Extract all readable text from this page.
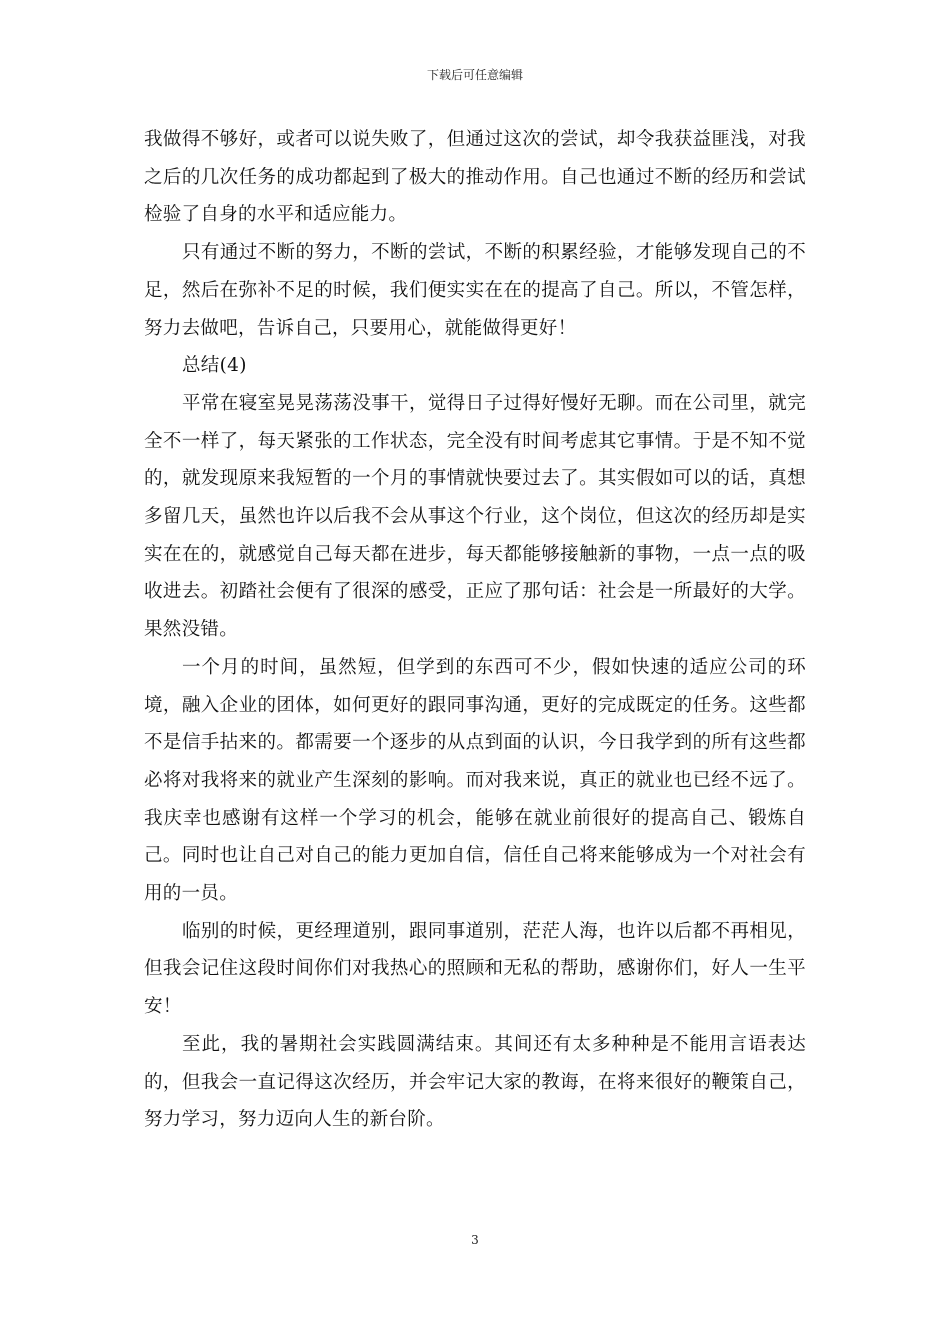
下载后可任意编辑

我做得不够好，或者可以说失败了，但通过这次的尝试，却令我获益匪浅，对我之后的几次任务的成功都起到了极大的推动作用。自己也通过不断的经历和尝试检验了自身的水平和适应能力。

只有通过不断的努力，不断的尝试，不断的积累经验，才能够发现自己的不足，然后在弥补不足的时候，我们便实实在在的提高了自己。所以，不管怎样，努力去做吧，告诉自己，只要用心，就能做得更好！

总结(4)

平常在寝室晃晃荡荡没事干，觉得日子过得好慢好无聊。而在公司里，就完全不一样了，每天紧张的工作状态，完全没有时间考虑其它事情。于是不知不觉的，就发现原来我短暂的一个月的事情就快要过去了。其实假如可以的话，真想多留几天，虽然也许以后我不会从事这个行业，这个岗位，但这次的经历却是实实在在的，就感觉自己每天都在进步，每天都能够接触新的事物，一点一点的吸收进去。初踏社会便有了很深的感受，正应了那句话：社会是一所最好的大学。果然没错。

一个月的时间，虽然短，但学到的东西可不少，假如快速的适应公司的环境，融入企业的团体，如何更好的跟同事沟通，更好的完成既定的任务。这些都不是信手拈来的。都需要一个逐步的从点到面的认识，今日我学到的所有这些都必将对我将来的就业产生深刻的影响。而对我来说，真正的就业也已经不远了。我庆幸也感谢有这样一个学习的机会，能够在就业前很好的提高自己、锻炼自己。同时也让自己对自己的能力更加自信，信任自己将来能够成为一个对社会有用的一员。

临别的时候，更经理道别，跟同事道别，茫茫人海，也许以后都不再相见，但我会记住这段时间你们对我热心的照顾和无私的帮助，感谢你们，好人一生平安！

至此，我的暑期社会实践圆满结束。其间还有太多种种是不能用言语表达的，但我会一直记得这次经历，并会牢记大家的教诲，在将来很好的鞭策自己，努力学习，努力迈向人生的新台阶。

3
